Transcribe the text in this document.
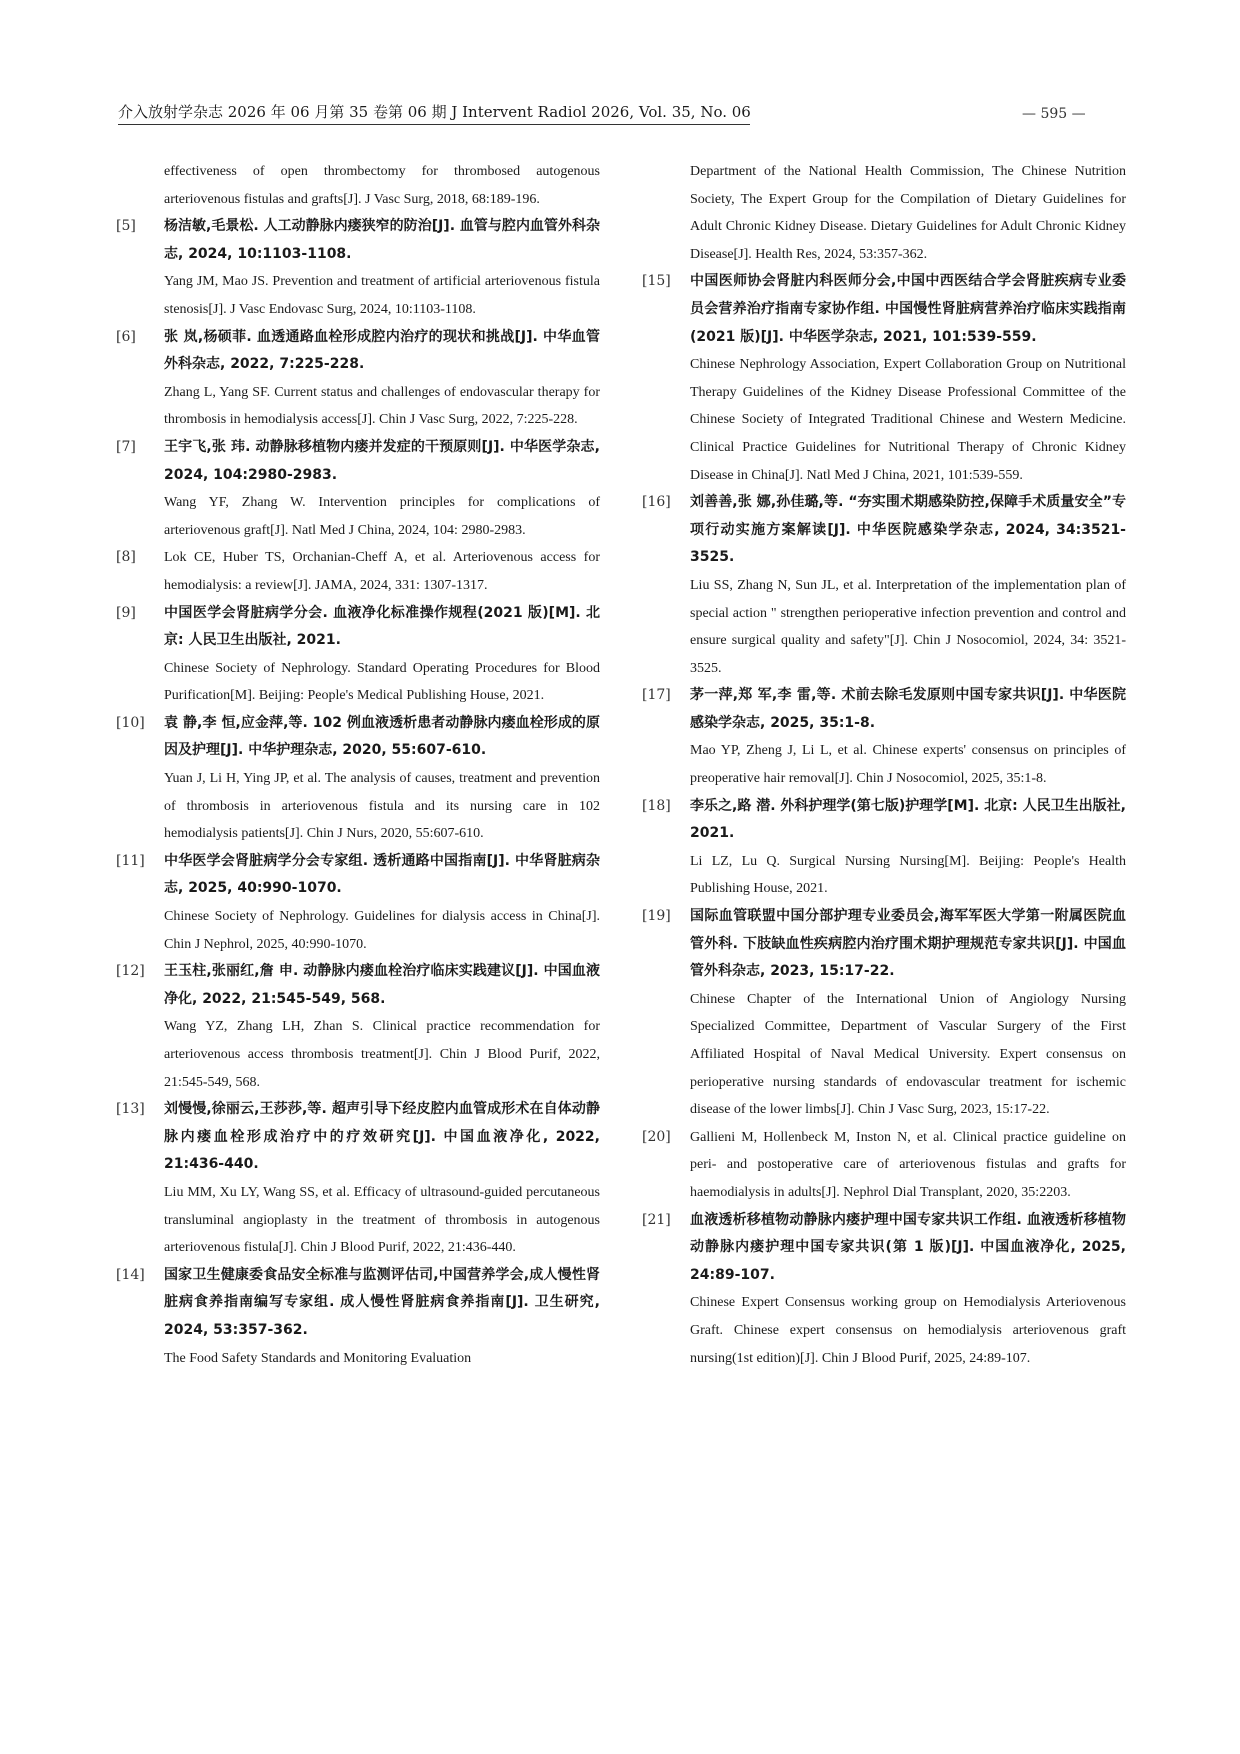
介入放射学杂志 2026 年 06 月第 35 卷第 06 期 J Intervent Radiol 2026, Vol. 35, No. 06	— 595 —
effectiveness of open thrombectomy for thrombosed autogenous arteriovenous fistulas and grafts[J]. J Vasc Surg, 2018, 68:189-196.
[5] 杨洁敏,毛景松. 人工动静脉内瘘狭窄的防治[J]. 血管与腔内血管外科杂志, 2024, 10:1103-1108.
Yang JM, Mao JS. Prevention and treatment of artificial arteriovenous fistula stenosis[J]. J Vasc Endovasc Surg, 2024, 10:1103-1108.
[6] 张 岚,杨硕菲. 血透通路血栓形成腔内治疗的现状和挑战[J]. 中华血管外科杂志, 2022, 7:225-228.
Zhang L, Yang SF. Current status and challenges of endovascular therapy for thrombosis in hemodialysis access[J]. Chin J Vasc Surg, 2022, 7:225-228.
[7] 王宇飞,张 玮. 动静脉移植物内瘘并发症的干预原则[J]. 中华医学杂志, 2024, 104:2980-2983.
Wang YF, Zhang W. Intervention principles for complications of arteriovenous graft[J]. Natl Med J China, 2024, 104: 2980-2983.
[8] Lok CE, Huber TS, Orchanian-Cheff A, et al. Arteriovenous access for hemodialysis: a review[J]. JAMA, 2024, 331: 1307-1317.
[9] 中国医学会肾脏病学分会. 血液净化标准操作规程(2021 版)[M]. 北京: 人民卫生出版社, 2021.
Chinese Society of Nephrology. Standard Operating Procedures for Blood Purification[M]. Beijing: People's Medical Publishing House, 2021.
[10] 袁 静,李 恒,应金萍,等. 102 例血液透析患者动静脉内瘘血栓形成的原因及护理[J]. 中华护理杂志, 2020, 55:607-610.
Yuan J, Li H, Ying JP, et al. The analysis of causes, treatment and prevention of thrombosis in arteriovenous fistula and its nursing care in 102 hemodialysis patients[J]. Chin J Nurs, 2020, 55:607-610.
[11] 中华医学会肾脏病学分会专家组. 透析通路中国指南[J]. 中华肾脏病杂志, 2025, 40:990-1070.
Chinese Society of Nephrology. Guidelines for dialysis access in China[J]. Chin J Nephrol, 2025, 40:990-1070.
[12] 王玉柱,张丽红,詹 申. 动静脉内瘘血栓治疗临床实践建议[J]. 中国血液净化, 2022, 21:545-549, 568.
Wang YZ, Zhang LH, Zhan S. Clinical practice recommendation for arteriovenous access thrombosis treatment[J]. Chin J Blood Purif, 2022, 21:545-549, 568.
[13] 刘慢慢,徐丽云,王莎莎,等. 超声引导下经皮腔内血管成形术在自体动静脉内瘘血栓形成治疗中的疗效研究[J]. 中国血液净化, 2022, 21:436-440.
Liu MM, Xu LY, Wang SS, et al. Efficacy of ultrasound-guided percutaneous transluminal angioplasty in the treatment of thrombosis in autogenous arteriovenous fistula[J]. Chin J Blood Purif, 2022, 21:436-440.
[14] 国家卫生健康委食品安全标准与监测评估司,中国营养学会,成人慢性肾脏病食养指南编写专家组. 成人慢性肾脏病食养指南[J]. 卫生研究, 2024, 53:357-362.
The Food Safety Standards and Monitoring Evaluation
Department of the National Health Commission, The Chinese Nutrition Society, The Expert Group for the Compilation of Dietary Guidelines for Adult Chronic Kidney Disease. Dietary Guidelines for Adult Chronic Kidney Disease[J]. Health Res, 2024, 53:357-362.
[15] 中国医师协会肾脏内科医师分会,中国中西医结合学会肾脏疾病专业委员会营养治疗指南专家协作组. 中国慢性肾脏病营养治疗临床实践指南(2021 版)[J]. 中华医学杂志, 2021, 101:539-559.
Chinese Nephrology Association, Expert Collaboration Group on Nutritional Therapy Guidelines of the Kidney Disease Professional Committee of the Chinese Society of Integrated Traditional Chinese and Western Medicine. Clinical Practice Guidelines for Nutritional Therapy of Chronic Kidney Disease in China[J]. Natl Med J China, 2021, 101:539-559.
[16] 刘善善,张 娜,孙佳璐,等. “夯实围术期感染防控,保障手术质量安全”专项行动实施方案解读[J]. 中华医院感染学杂志, 2024, 34:3521-3525.
Liu SS, Zhang N, Sun JL, et al. Interpretation of the implementation plan of special action " strengthen perioperative infection prevention and control and ensure surgical quality and safety"[J]. Chin J Nosocomiol, 2024, 34: 3521-3525.
[17] 茅一萍,郑 军,李 雷,等. 术前去除毛发原则中国专家共识[J]. 中华医院感染学杂志, 2025, 35:1-8.
Mao YP, Zheng J, Li L, et al. Chinese experts' consensus on principles of preoperative hair removal[J]. Chin J Nosocomiol, 2025, 35:1-8.
[18] 李乐之,路 潜. 外科护理学(第七版)护理学[M]. 北京: 人民卫生出版社, 2021.
Li LZ, Lu Q. Surgical Nursing Nursing[M]. Beijing: People's Health Publishing House, 2021.
[19] 国际血管联盟中国分部护理专业委员会,海军军医大学第一附属医院血管外科. 下肢缺血性疾病腔内治疗围术期护理规范专家共识[J]. 中国血管外科杂志, 2023, 15:17-22.
Chinese Chapter of the International Union of Angiology Nursing Specialized Committee, Department of Vascular Surgery of the First Affiliated Hospital of Naval Medical University. Expert consensus on perioperative nursing standards of endovascular treatment for ischemic disease of the lower limbs[J]. Chin J Vasc Surg, 2023, 15:17-22.
[20] Gallieni M, Hollenbeck M, Inston N, et al. Clinical practice guideline on peri- and postoperative care of arteriovenous fistulas and grafts for haemodialysis in adults[J]. Nephrol Dial Transplant, 2020, 35:2203.
[21] 血液透析移植物动静脉内瘘护理中国专家共识工作组. 血液透析移植物动静脉内瘘护理中国专家共识(第 1 版)[J]. 中国血液净化, 2025, 24:89-107.
Chinese Expert Consensus working group on Hemodialysis Arteriovenous Graft. Chinese expert consensus on hemodialysis arteriovenous graft nursing(1st edition)[J]. Chin J Blood Purif, 2025, 24:89-107.
